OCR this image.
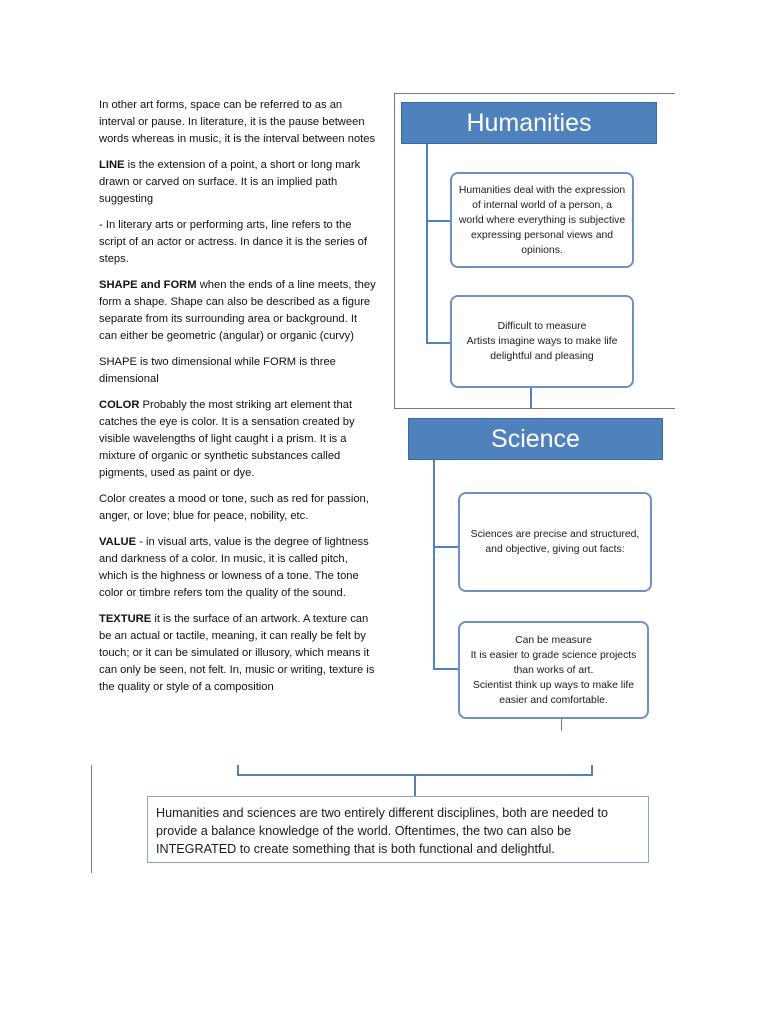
In other art forms, space can be referred to as an interval or pause. In literature, it is the pause between words whereas in music, it is the interval between notes

LINE is the extension of a point, a short or long mark drawn or carved on surface. It is an implied path suggesting

- In literary arts or performing arts, line refers to the script of an actor or actress. In dance it is the series of steps.

SHAPE and FORM when the ends of a line meets, they form a shape. Shape can also be described as a figure separate from its surrounding area or background. It can either be geometric (angular) or organic (curvy)

SHAPE is two dimensional while FORM is three dimensional

COLOR Probably the most striking art element that catches the eye is color. It is a sensation created by visible wavelengths of light caught i a prism. It is a mixture of organic or synthetic substances called pigments, used as paint or dye.

Color creates a mood or tone, such as red for passion, anger, or love; blue for peace, nobility, etc.

VALUE - in visual arts, value is the degree of lightness and darkness of a color. In music, it is called pitch, which is the highness or lowness of a tone. The tone color or timbre refers tom the quality of the sound.

TEXTURE it is the surface of an artwork. A texture can be an actual or tactile, meaning, it can really be felt by touch; or it can be simulated or illusory, which means it can only be seen, not felt. In, music or writing, texture is the quality or style of a composition

Humanities
Humanities deal with the expression
of internal world of a person, a
world where everything is subjective
expressing personal views and
opinions.
Difficult to measure
Artists imagine ways to make life
delightful and pleasing
Science
Sciences are precise and structured,
and objective, giving out facts:
Can be measure
It is easier to grade science projects
than works of art.
Scientist think up ways to make life
easier and comfortable.
Humanities and sciences are two entirely different disciplines, both are needed to provide a balance knowledge of the world. Oftentimes, the two can also be INTEGRATED to create something that is both functional and delightful.
